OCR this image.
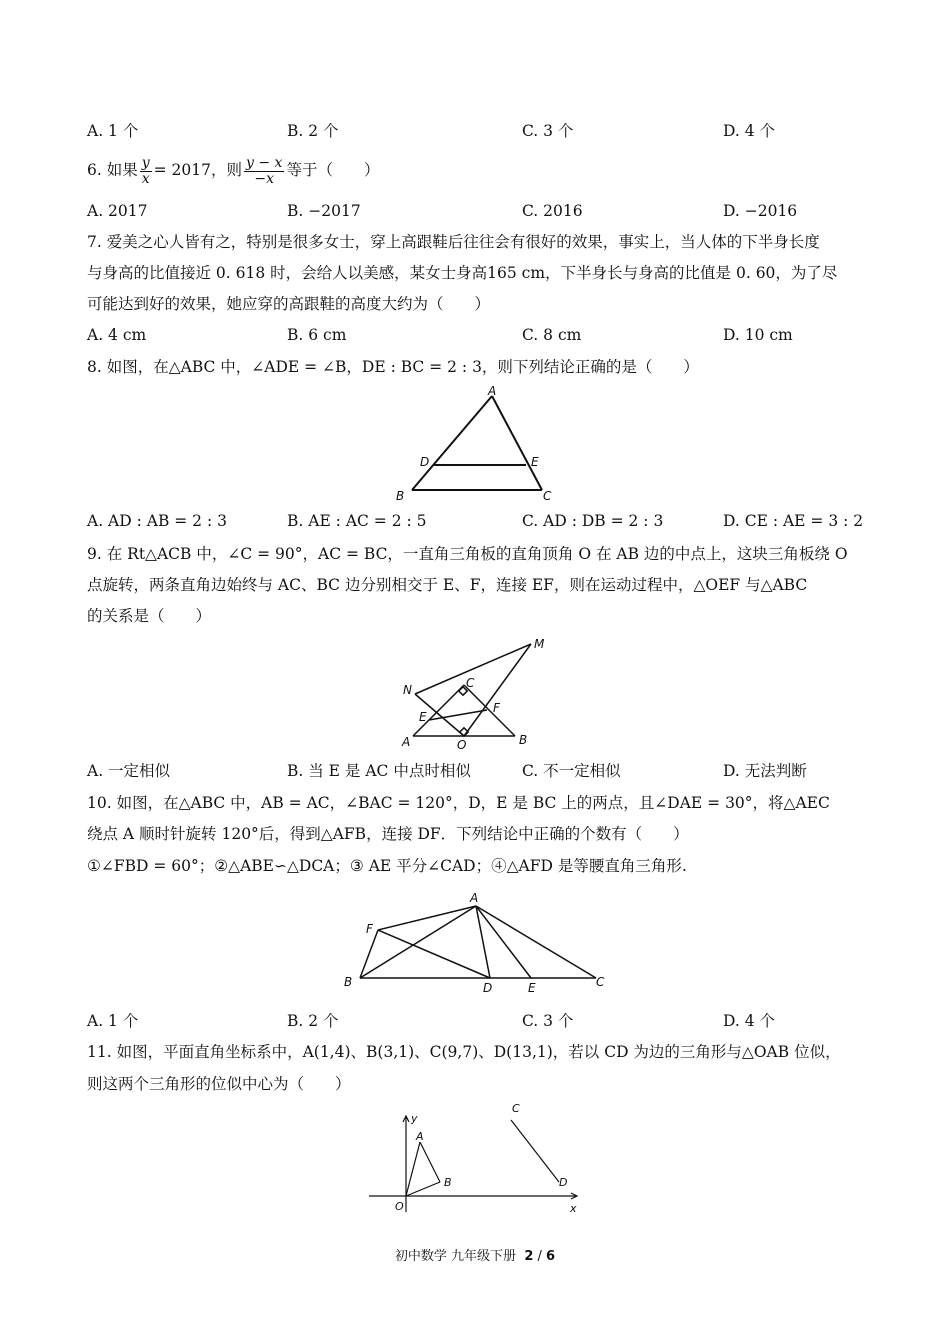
A. 1 个	B. 2 个	C. 3 个	D. 4 个
6. 如果 $\frac{y}{x} = 2017$，则 $\frac{y - x}{-x}$ 等于（　　）
A. 2017	B. −2017	C. 2016	D. −2016
7. 爱美之心人皆有之，特别是很多女士，穿上高跟鞋后往往会有很好的效果，事实上，当人体的下半身长度
与身高的比值接近 0. 618 时，会给人以美感，某女士身高165 cm，下半身长与身高的比值是 0. 60，为了尽
可能达到好的效果，她应穿的高跟鞋的高度大约为（　　）
A. 4 cm	B. 6 cm	C. 8 cm	D. 10 cm
8. 如图，在△ABC 中，∠ADE = ∠B，DE : BC = 2 : 3，则下列结论正确的是（　　）
A
D	E
B	C
A. AD : AB = 2 : 3	B. AE : AC = 2 : 5	C. AD : DB = 2 : 3	D. CE : AE = 3 : 2
9. 在 Rt△ACB 中，∠C = 90°，AC = BC，一直角三角板的直角顶角 O 在 AB 边的中点上，这块三角板绕 O
点旋转，两条直角边始终与 AC、BC 边分别相交于 E、F，连接 EF，则在运动过程中，△OEF 与△ABC
的关系是（　　）
M
N	C
E
F
A	O	B
A. 一定相似	B. 当 E 是 AC 中点时相似	C. 不一定相似	D. 无法判断
10. 如图，在△ABC 中，AB = AC，∠BAC = 120°，D，E 是 BC 上的两点，且∠DAE = 30°，将△AEC
绕点 A 顺时针旋转 120°后，得到△AFB，连接 DF．下列结论中正确的个数有（　　）
①∠FBD = 60°；②△ABE∽△DCA；③ AE 平分∠CAD；④△AFD 是等腰直角三角形.
A
F
B	D	E	C
A. 1 个	B. 2 个	C. 3 个	D. 4 个
11. 如图，平面直角坐标系中，A(1,4)、B(3,1)、C(9,7)、D(13,1)，若以 CD 为边的三角形与△OAB 位似，
则这两个三角形的位似中心为（　　）
y
x
O
A
B
C
D
初中数学 九年级下册 2 / 6
